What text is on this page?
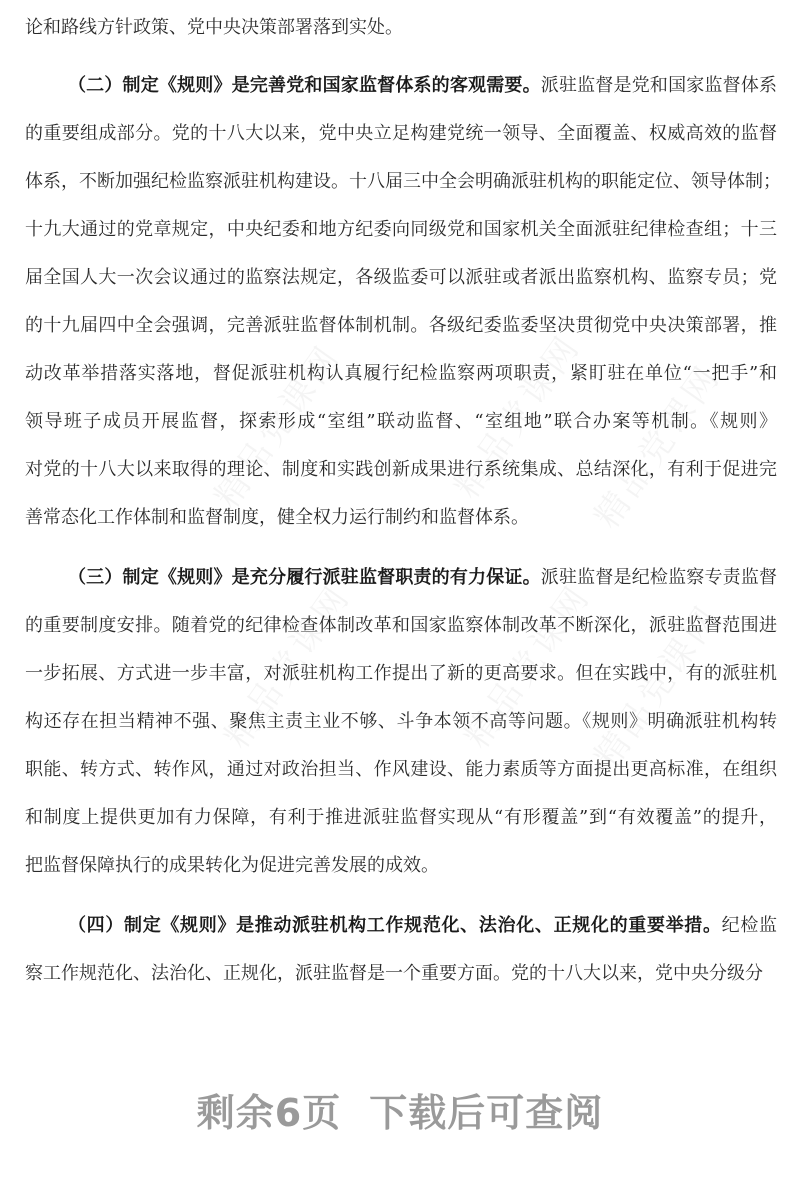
论和路线方针政策、党中央决策部署落到实处。
（二）制定《规则》是完善党和国家监督体系的客观需要。派驻监督是党和国家监督体系
的重要组成部分。党的十八大以来，党中央立足构建党统一领导、全面覆盖、权威高效的监督
体系，不断加强纪检监察派驻机构建设。十八届三中全会明确派驻机构的职能定位、领导体制；
十九大通过的党章规定，中央纪委和地方纪委向同级党和国家机关全面派驻纪律检查组；十三
届全国人大一次会议通过的监察法规定，各级监委可以派驻或者派出监察机构、监察专员；党
的十九届四中全会强调，完善派驻监督体制机制。各级纪委监委坚决贯彻党中央决策部署，推
动改革举措落实落地，督促派驻机构认真履行纪检监察两项职责，紧盯驻在单位“一把手”和
领导班子成员开展监督，探索形成“室组”联动监督、“室组地”联合办案等机制。《规则》
对党的十八大以来取得的理论、制度和实践创新成果进行系统集成、总结深化，有利于促进完
善常态化工作体制和监督制度，健全权力运行制约和监督体系。
（三）制定《规则》是充分履行派驻监督职责的有力保证。派驻监督是纪检监察专责监督
的重要制度安排。随着党的纪律检查体制改革和国家监察体制改革不断深化，派驻监督范围进
一步拓展、方式进一步丰富，对派驻机构工作提出了新的更高要求。但在实践中，有的派驻机
构还存在担当精神不强、聚焦主责主业不够、斗争本领不高等问题。《规则》明确派驻机构转
职能、转方式、转作风，通过对政治担当、作风建设、能力素质等方面提出更高标准，在组织
和制度上提供更加有力保障，有利于推进派驻监督实现从“有形覆盖”到“有效覆盖”的提升，
把监督保障执行的成果转化为促进完善发展的成效。
（四）制定《规则》是推动派驻机构工作规范化、法治化、正规化的重要举措。纪检监
察工作规范化、法治化、正规化，派驻监督是一个重要方面。党的十八大以来，党中央分级分
剩余6页 下载后可查阅
